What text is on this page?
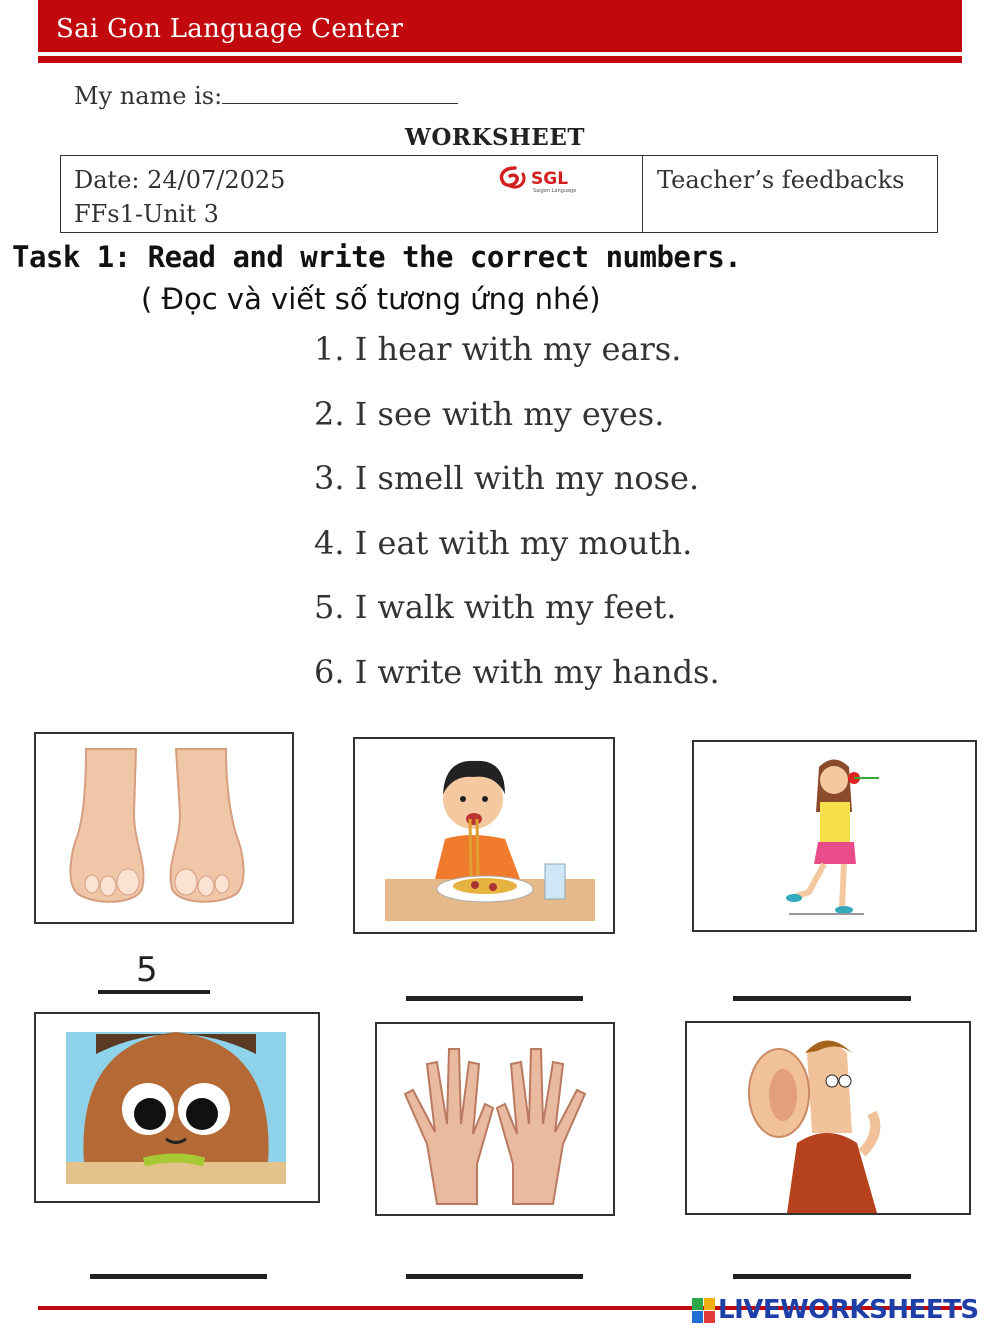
Sai Gon Language Center
My name is:
WORKSHEET
Date: 24/07/2025
FFs1-Unit 3
SGL
Saigon Language	Teacher’s feedbacks
Task 1: Read and write the correct numbers.
( Đọc và viết số tương ứng nhé)
1. I hear with my ears.
2. I see with my eyes.
3. I smell with my nose.
4. I eat with my mouth.
5. I walk with my feet.
6. I write with my hands.
5
LIVEWORKSHEETS
